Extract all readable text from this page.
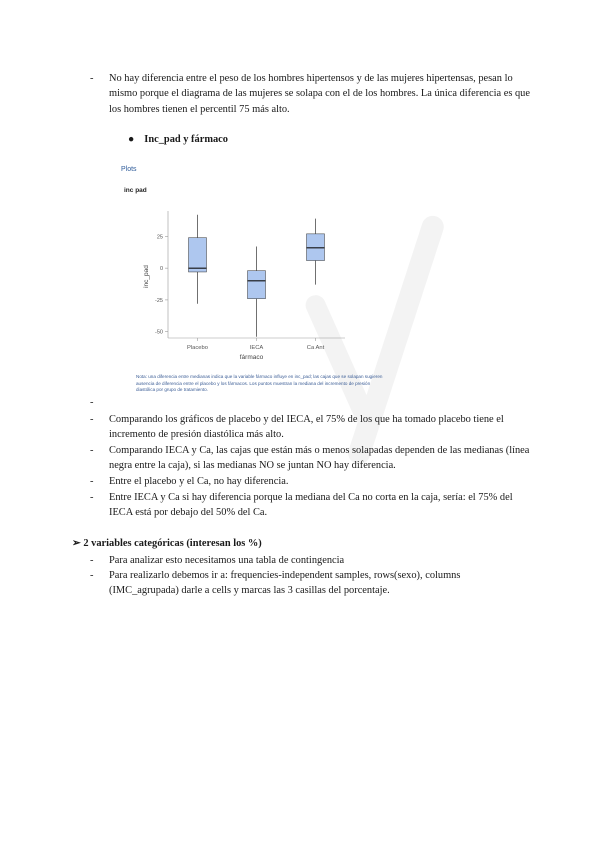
- No hay diferencia entre el peso de los hombres hipertensos y de las mujeres hipertensas, pesan lo mismo porque el diagrama de las mujeres se solapa con el de los hombres. La única diferencia es que los hombres tienen el percentil 75 más alto.
● Inc_pad y fármaco
Plots
inc pad
-50
-25
0
25
Placebo	IECA	Ca Ant
inc_pad
fármaco
Nota: una diferencia entre medianas indica que la variable fármaco influye en inc_pad; las cajas que se solapan sugieren ausencia de diferencia entre el placebo y los fármacos. Los puntos muestran la mediana del incremento de presión diastólica por grupo de tratamiento.
-
- Comparando los gráficos de placebo y del IECA, el 75% de los que ha tomado placebo tiene el incremento de presión diastólica más alto.
- Comparando IECA y Ca, las cajas que están más o menos solapadas dependen de las medianas (línea negra entre la caja), si las medianas NO se juntan NO hay diferencia.
- Entre el placebo y el Ca, no hay diferencia.
- Entre IECA y Ca si hay diferencia porque la mediana del Ca no corta en la caja, sería: el 75% del IECA está por debajo del 50% del Ca.
➢ 2 variables categóricas (interesan los %)
- Para analizar esto necesitamos una tabla de contingencia
- Para realizarlo debemos ir a: frequencies-independent samples, rows(sexo), columns (IMC_agrupada) darle a cells y marcas las 3 casillas del porcentaje.
